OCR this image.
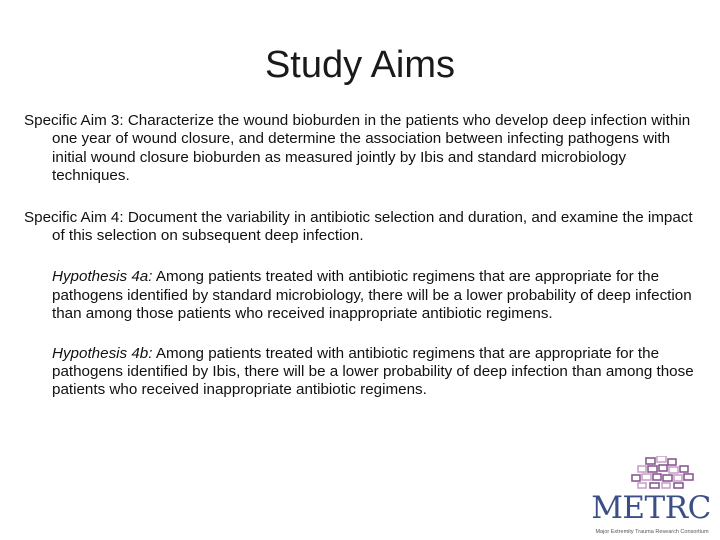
Study Aims

Specific Aim 3: Characterize the wound bioburden in the patients who develop deep infection within one year of wound closure, and determine the association between infecting pathogens with initial wound closure bioburden as measured jointly by Ibis and standard microbiology techniques.

Specific Aim 4: Document the variability in antibiotic selection and duration, and examine the impact of this selection on subsequent deep infection.

Hypothesis 4a: Among patients treated with antibiotic regimens that are appropriate for the pathogens identified by standard microbiology, there will be a lower probability of deep infection than among those patients who received inappropriate antibiotic regimens.

Hypothesis 4b: Among patients treated with antibiotic regimens that are appropriate for the pathogens identified by Ibis, there will be a lower probability of deep infection than among those patients who received inappropriate antibiotic regimens.

METRC
Major Extremity Trauma Research Consortium
